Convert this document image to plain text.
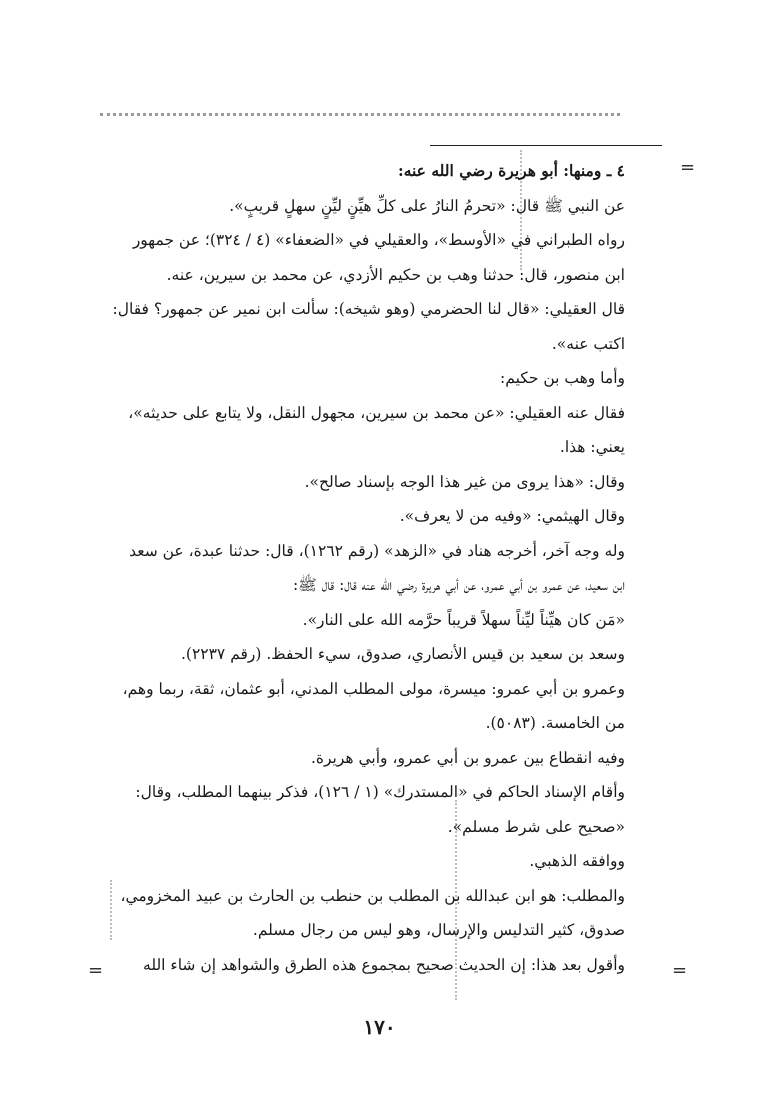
=
=
=
٤ ـ ومنها: أبو هريرة رضي الله عنه:
عن النبي ﷺ قال: «تحرمُ النارُ على كلِّ هيِّنٍ ليِّنٍ سهلٍ قريبٍ».
رواه الطبراني في «الأوسط»، والعقيلي في «الضعفاء» (٤ / ٣٢٤)؛ عن جمهور
ابن منصور، قال: حدثنا وهب بن حكيم الأزدي، عن محمد بن سيرين، عنه.
قال العقيلي: «قال لنا الحضرمي (وهو شيخه): سألت ابن نمير عن جمهور؟ فقال:
اكتب عنه».
وأما وهب بن حكيم:
فقال عنه العقيلي: «عن محمد بن سيرين، مجهول النقل، ولا يتابع على حديثه»،
يعني: هذا.
وقال: «هذا يروى من غير هذا الوجه بإسناد صالح».
وقال الهيثمي: «وفيه من لا يعرف».
وله وجه آخر، أخرجه هناد في «الزهد» (رقم ١٢٦٢)، قال: حدثنا عبدة، عن سعد
ابن سعيد، عن عمرو بن أبي عمرو، عن أبي هريرة رضي الله عنه قال: قال ﷺ:
«مَن كان هيِّناً ليِّناً سهلاً قريباً حرَّمه الله على النار».
وسعد بن سعيد بن قيس الأنصاري، صدوق، سيء الحفظ. (رقم ٢٢٣٧).
وعمرو بن أبي عمرو: ميسرة، مولى المطلب المدني، أبو عثمان، ثقة، ربما وهم،
من الخامسة. (٥٠٨٣).
وفيه انقطاع بين عمرو بن أبي عمرو، وأبي هريرة.
وأقام الإسناد الحاكم في «المستدرك» (١ / ١٢٦)، فذكر بينهما المطلب، وقال:
«صحيح على شرط مسلم».
ووافقه الذهبي.
والمطلب: هو ابن عبدالله بن المطلب بن حنطب بن الحارث بن عبيد المخزومي،
صدوق، كثير التدليس والإرسال، وهو ليس من رجال مسلم.
وأقول بعد هذا: إن الحديث صحيح بمجموع هذه الطرق والشواهد إن شاء الله
١٧٠
